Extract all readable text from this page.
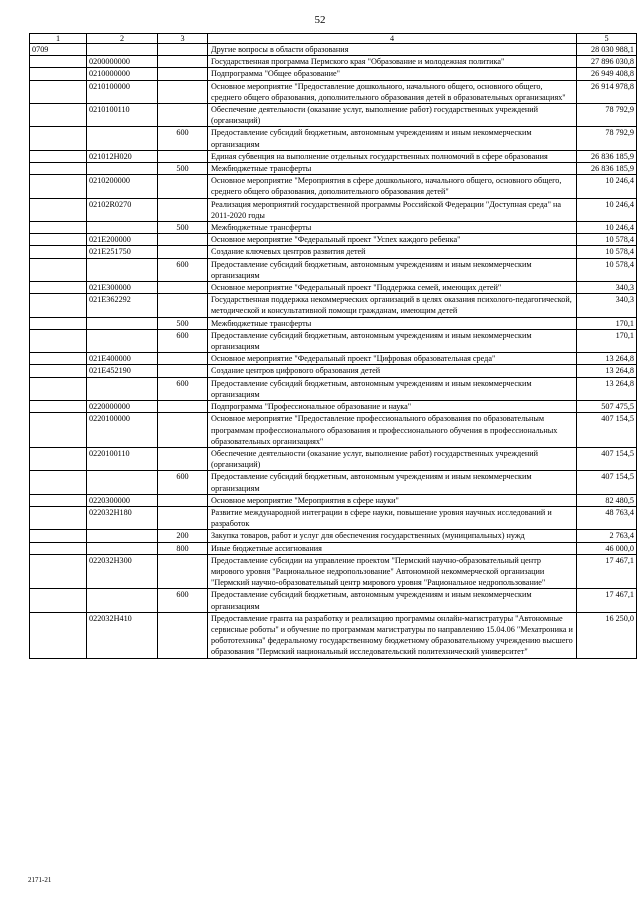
52
1	2	3	4	5
0709			Другие вопросы в области образования	28 030 988,1
	0200000000		Государственная программа Пермского края "Образование и молодежная политика"	27 896 030,8
	0210000000		Подпрограмма "Общее образование"	26 949 408,8
	0210100000		Основное мероприятие "Предоставление дошкольного, начального общего, основного общего, среднего общего образования, дополнительного образования детей в образовательных организациях"	26 914 978,8
	0210100110		Обеспечение деятельности (оказание услуг, выполнение работ) государственных учреждений (организаций)	78 792,9
		600	Предоставление субсидий бюджетным, автономным учреждениям и иным некоммерческим организациям	78 792,9
	021012Н020		Единая субвенция на выполнение отдельных государственных полномочий в сфере образования	26 836 185,9
		500	Межбюджетные трансферты	26 836 185,9
	0210200000		Основное мероприятие "Мероприятия в сфере дошкольного, начального общего, основного общего, среднего общего образования, дополнительного образования детей"	10 246,4
	02102R0270		Реализация мероприятий государственной программы Российской Федерации "Доступная среда" на 2011-2020 годы	10 246,4
		500	Межбюджетные трансферты	10 246,4
	021Е200000		Основное мероприятие "Федеральный проект "Успех каждого ребенка"	10 578,4
	021Е251750		Создание ключевых центров развития детей	10 578,4
		600	Предоставление субсидий бюджетным, автономным учреждениям и иным некоммерческим организациям	10 578,4
	021Е300000		Основное мероприятие "Федеральный проект "Поддержка семей, имеющих детей"	340,3
	021Е362292		Государственная поддержка некоммерческих организаций в целях оказания психолого-педагогической, методической и консультативной помощи гражданам, имеющим детей	340,3
		500	Межбюджетные трансферты	170,1
		600	Предоставление субсидий бюджетным, автономным учреждениям и иным некоммерческим организациям	170,1
	021Е400000		Основное мероприятие "Федеральный проект "Цифровая образовательная среда"	13 264,8
	021Е452190		Создание центров цифрового образования детей	13 264,8
		600	Предоставление субсидий бюджетным, автономным учреждениям и иным некоммерческим организациям	13 264,8
	0220000000		Подпрограмма "Профессиональное образование и наука"	507 475,5
	0220100000		Основное мероприятие "Предоставление профессионального образования по образовательным программам профессионального образования и профессионального обучения в профессиональных образовательных организациях"	407 154,5
	0220100110		Обеспечение деятельности (оказание услуг, выполнение работ) государственных учреждений (организаций)	407 154,5
		600	Предоставление субсидий бюджетным, автономным учреждениям и иным некоммерческим организациям	407 154,5
	0220300000		Основное мероприятие "Мероприятия в сфере науки"	82 480,5
	022032Н180		Развитие международной интеграции в сфере науки, повышение уровня научных исследований и разработок	48 763,4
		200	Закупка товаров, работ и услуг для обеспечения государственных (муниципальных) нужд	2 763,4
		800	Иные бюджетные ассигнования	46 000,0
	022032Н300		Предоставление субсидии на управление проектом "Пермский научно-образовательный центр мирового уровня "Рациональное недропользование" Автономной некоммерческой организации "Пермский научно-образовательный центр мирового уровня "Рациональное недропользование"	17 467,1
		600	Предоставление субсидий бюджетным, автономным учреждениям и иным некоммерческим организациям	17 467,1
	022032Н410		Предоставление гранта на разработку и реализацию программы онлайн-магистратуры "Автономные сервисные роботы" и обучение по программам магистратуры по направлению 15.04.06 "Мехатроника и робототехника" федеральному государственному бюджетному образовательному учреждению высшего образования "Пермский национальный исследовательский политехнический университет"	16 250,0
2171-21
